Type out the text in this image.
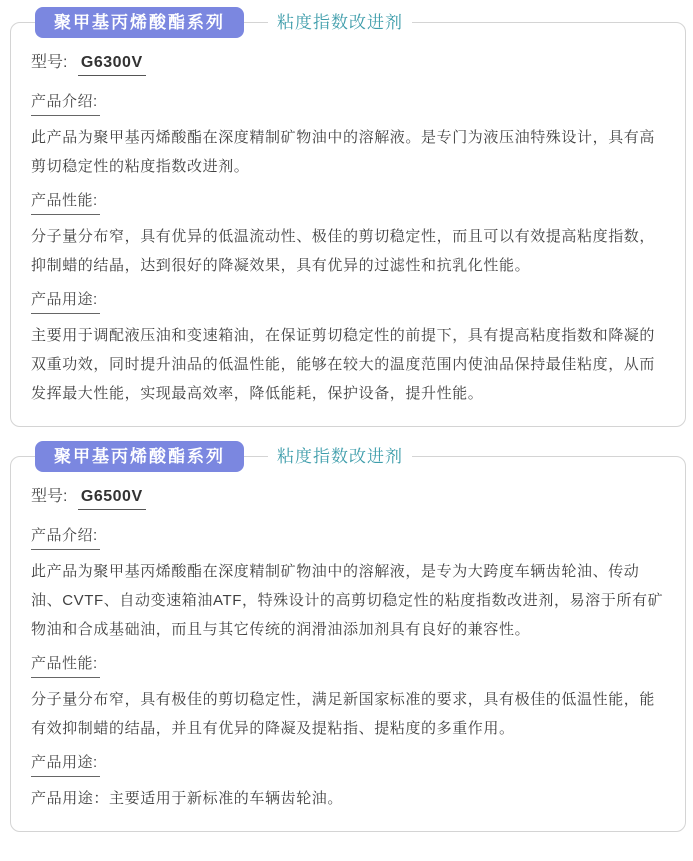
聚甲基丙烯酸酯系列	粘度指数改进剂
型号: G6300V
产品介绍:

此产品为聚甲基丙烯酸酯在深度精制矿物油中的溶解液。是专门为液压油特殊设计，具有高剪切稳定性的粘度指数改进剂。

产品性能:

分子量分布窄，具有优异的低温流动性、极佳的剪切稳定性，而且可以有效提高粘度指数，抑制蜡的结晶，达到很好的降凝效果，具有优异的过滤性和抗乳化性能。

产品用途:

主要用于调配液压油和变速箱油，在保证剪切稳定性的前提下，具有提高粘度指数和降凝的双重功效，同时提升油品的低温性能，能够在较大的温度范围内使油品保持最佳粘度，从而发挥最大性能，实现最高效率，降低能耗，保护设备，提升性能。

聚甲基丙烯酸酯系列	粘度指数改进剂
型号: G6500V
产品介绍:

此产品为聚甲基丙烯酸酯在深度精制矿物油中的溶解液，是专为大跨度车辆齿轮油、传动油、CVTF、自动变速箱油ATF，特殊设计的高剪切稳定性的粘度指数改进剂，易溶于所有矿物油和合成基础油，而且与其它传统的润滑油添加剂具有良好的兼容性。

产品性能:

分子量分布窄，具有极佳的剪切稳定性，满足新国家标准的要求，具有极佳的低温性能，能有效抑制蜡的结晶，并且有优异的降凝及提粘指、提粘度的多重作用。

产品用途:

产品用途：主要适用于新标准的车辆齿轮油。
